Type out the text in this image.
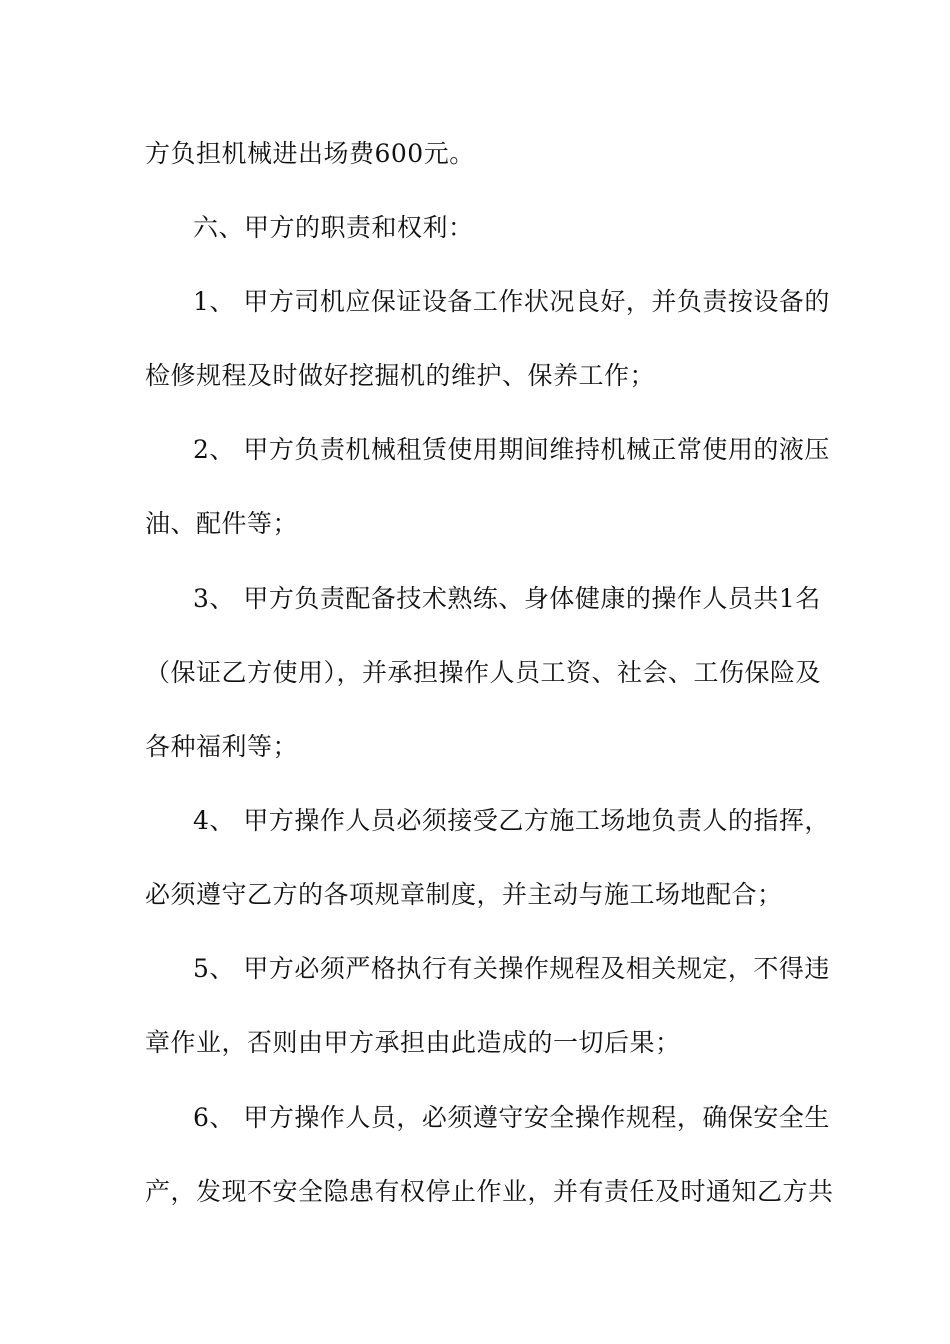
方负担机械进出场费600元。
六、甲方的职责和权利：
1、 甲方司机应保证设备工作状况良好，并负责按设备的
检修规程及时做好挖掘机的维护、保养工作；
2、 甲方负责机械租赁使用期间维持机械正常使用的液压
油、配件等；
3、 甲方负责配备技术熟练、身体健康的操作人员共1名
（保证乙方使用），并承担操作人员工资、社会、工伤保险及
各种福利等；
4、 甲方操作人员必须接受乙方施工场地负责人的指挥，
必须遵守乙方的各项规章制度，并主动与施工场地配合；
5、 甲方必须严格执行有关操作规程及相关规定，不得违
章作业，否则由甲方承担由此造成的一切后果；
6、 甲方操作人员，必须遵守安全操作规程，确保安全生
产，发现不安全隐患有权停止作业，并有责任及时通知乙方共
